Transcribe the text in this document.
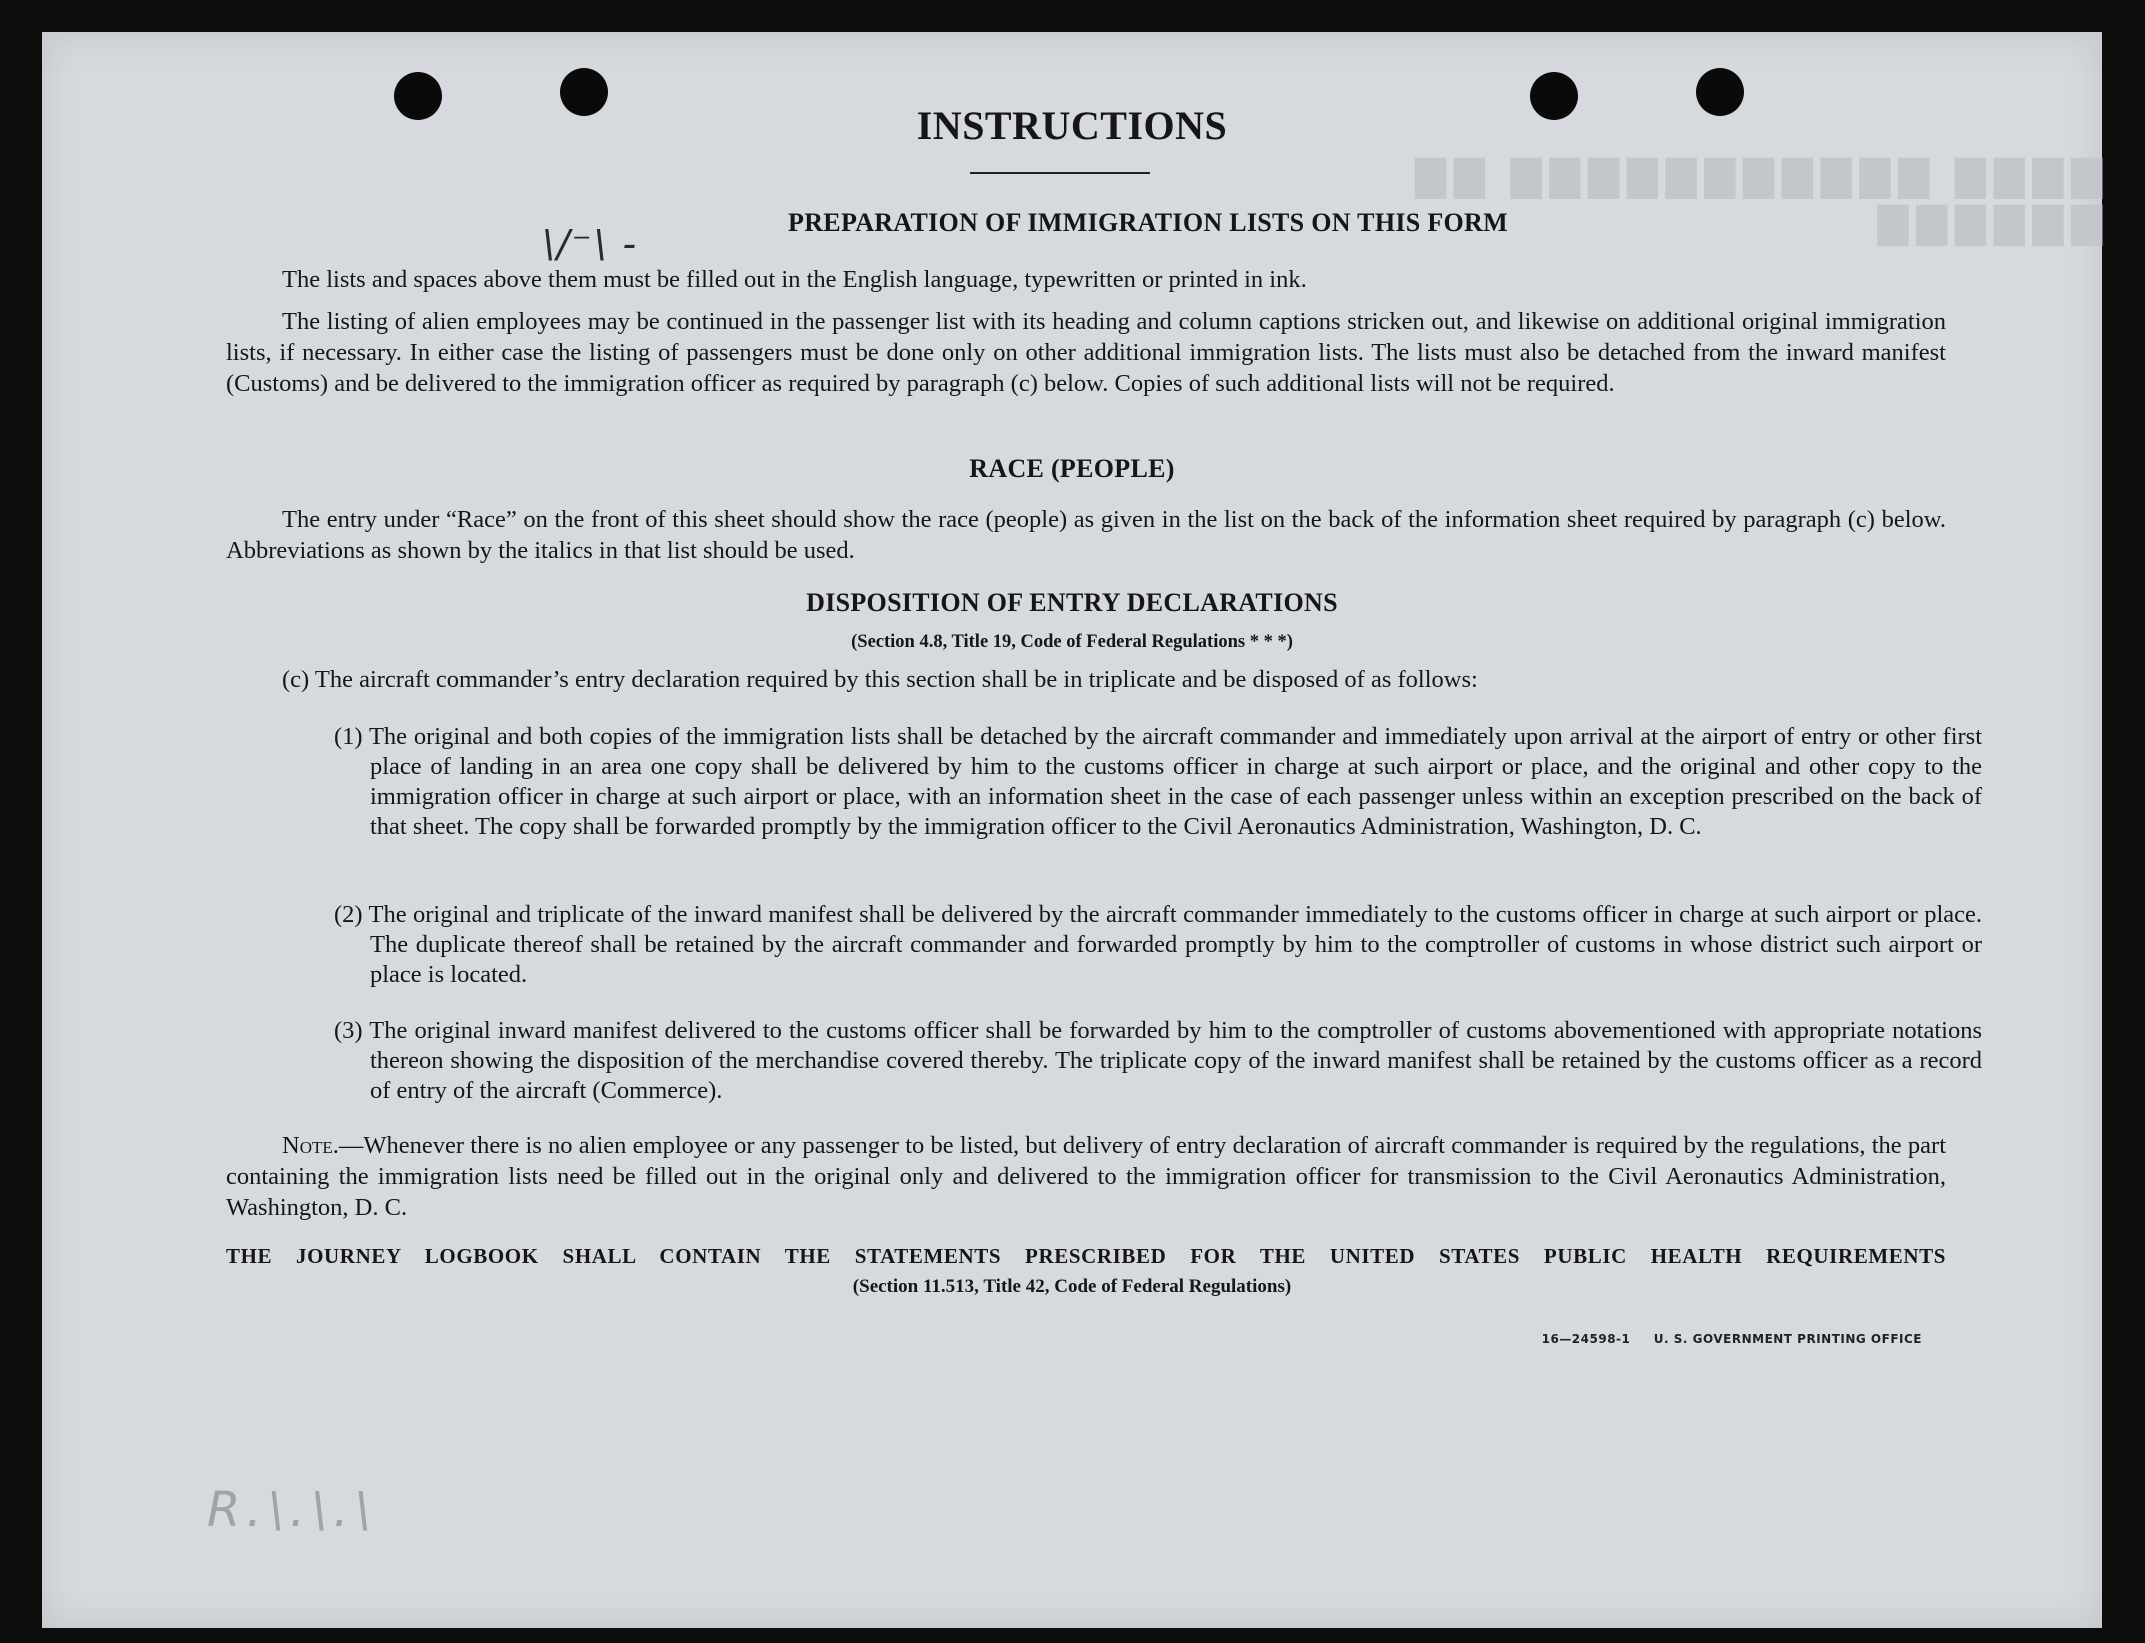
▇▇▇▇ ▇▇▇▇▇▇▇▇▇▇▇ ▇▇ ▇▇▇▇▇▇
INSTRUCTIONS
\/⁻\ -	PREPARATION OF IMMIGRATION LISTS ON THIS FORM

The lists and spaces above them must be filled out in the English language, typewritten or printed in ink.

The listing of alien employees may be continued in the passenger list with its heading and column captions stricken out, and likewise on additional original immigration lists, if necessary. In either case the listing of passengers must be done only on other additional immigration lists. The lists must also be detached from the inward manifest (Customs) and be delivered to the immigration officer as required by paragraph (c) below. Copies of such additional lists will not be required.

RACE (PEOPLE)

The entry under “Race” on the front of this sheet should show the race (people) as given in the list on the back of the information sheet required by paragraph (c) below. Abbreviations as shown by the italics in that list should be used.

DISPOSITION OF ENTRY DECLARATIONS
(Section 4.8, Title 19, Code of Federal Regulations * * *)

(c) The aircraft commander’s entry declaration required by this section shall be in triplicate and be disposed of as follows:

(1) The original and both copies of the immigration lists shall be detached by the aircraft commander and immediately upon arrival at the airport of entry or other first place of landing in an area one copy shall be delivered by him to the customs officer in charge at such airport or place, and the original and other copy to the immigration officer in charge at such airport or place, with an information sheet in the case of each passenger unless within an exception prescribed on the back of that sheet. The copy shall be forwarded promptly by the immigration officer to the Civil Aeronautics Administration, Washington, D. C.

(2) The original and triplicate of the inward manifest shall be delivered by the aircraft commander immediately to the customs officer in charge at such airport or place. The duplicate thereof shall be retained by the aircraft commander and forwarded promptly by him to the comptroller of customs in whose district such airport or place is located.

(3) The original inward manifest delivered to the customs officer shall be forwarded by him to the comptroller of customs abovementioned with appropriate notations thereon showing the disposition of the merchandise covered thereby. The triplicate copy of the inward manifest shall be retained by the customs officer as a record of entry of the aircraft (Commerce).

Note.—Whenever there is no alien employee or any passenger to be listed, but delivery of entry declaration of aircraft commander is required by the regulations, the part containing the immigration lists need be filled out in the original only and delivered to the immigration officer for transmission to the Civil Aeronautics Administration, Washington, D. C.

THE JOURNEY LOGBOOK SHALL CONTAIN THE STATEMENTS PRESCRIBED FOR THE UNITED STATES PUBLIC HEALTH REQUIREMENTS
(Section 11.513, Title 42, Code of Federal Regulations)
16—24598-1 U. S. GOVERNMENT PRINTING OFFICE
R.\.\.\
